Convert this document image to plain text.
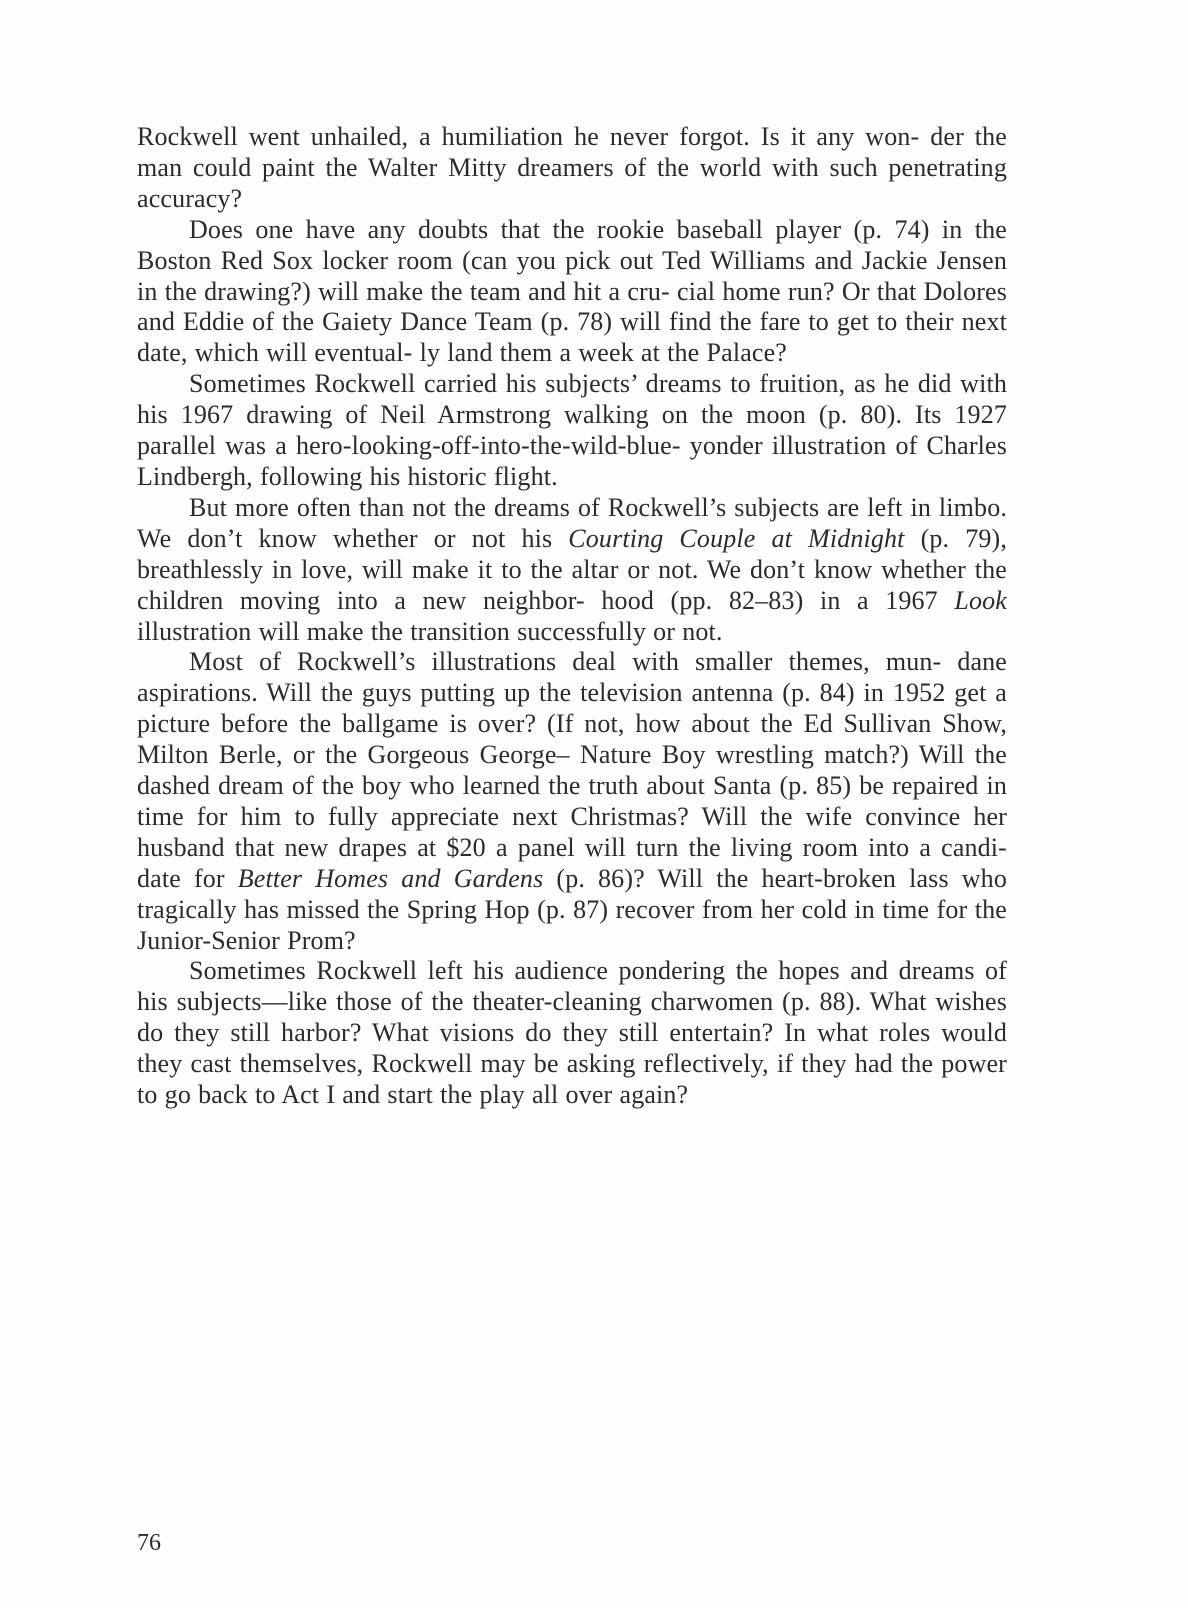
Rockwell went unhailed, a humiliation he never forgot. Is it any won- der the man could paint the Walter Mitty dreamers of the world with such penetrating accuracy?

Does one have any doubts that the rookie baseball player (p. 74) in the Boston Red Sox locker room (can you pick out Ted Williams and Jackie Jensen in the drawing?) will make the team and hit a cru- cial home run? Or that Dolores and Eddie of the Gaiety Dance Team (p. 78) will find the fare to get to their next date, which will eventual- ly land them a week at the Palace?

Sometimes Rockwell carried his subjects’ dreams to fruition, as he did with his 1967 drawing of Neil Armstrong walking on the moon (p. 80). Its 1927 parallel was a hero-looking-off-into-the-wild-blue- yonder illustration of Charles Lindbergh, following his historic flight.

But more often than not the dreams of Rockwell’s subjects are left in limbo. We don’t know whether or not his Courting Couple at Midnight (p. 79), breathlessly in love, will make it to the altar or not. We don’t know whether the children moving into a new neighbor- hood (pp. 82–83) in a 1967 Look illustration will make the transition successfully or not.

Most of Rockwell’s illustrations deal with smaller themes, mun- dane aspirations. Will the guys putting up the television antenna (p. 84) in 1952 get a picture before the ballgame is over? (If not, how about the Ed Sullivan Show, Milton Berle, or the Gorgeous George– Nature Boy wrestling match?) Will the dashed dream of the boy who learned the truth about Santa (p. 85) be repaired in time for him to fully appreciate next Christmas? Will the wife convince her husband that new drapes at $20 a panel will turn the living room into a candi- date for Better Homes and Gardens (p. 86)? Will the heart-broken lass who tragically has missed the Spring Hop (p. 87) recover from her cold in time for the Junior-Senior Prom?

Sometimes Rockwell left his audience pondering the hopes and dreams of his subjects—like those of the theater-cleaning charwomen (p. 88). What wishes do they still harbor? What visions do they still entertain? In what roles would they cast themselves, Rockwell may be asking reflectively, if they had the power to go back to Act I and start the play all over again?

76
